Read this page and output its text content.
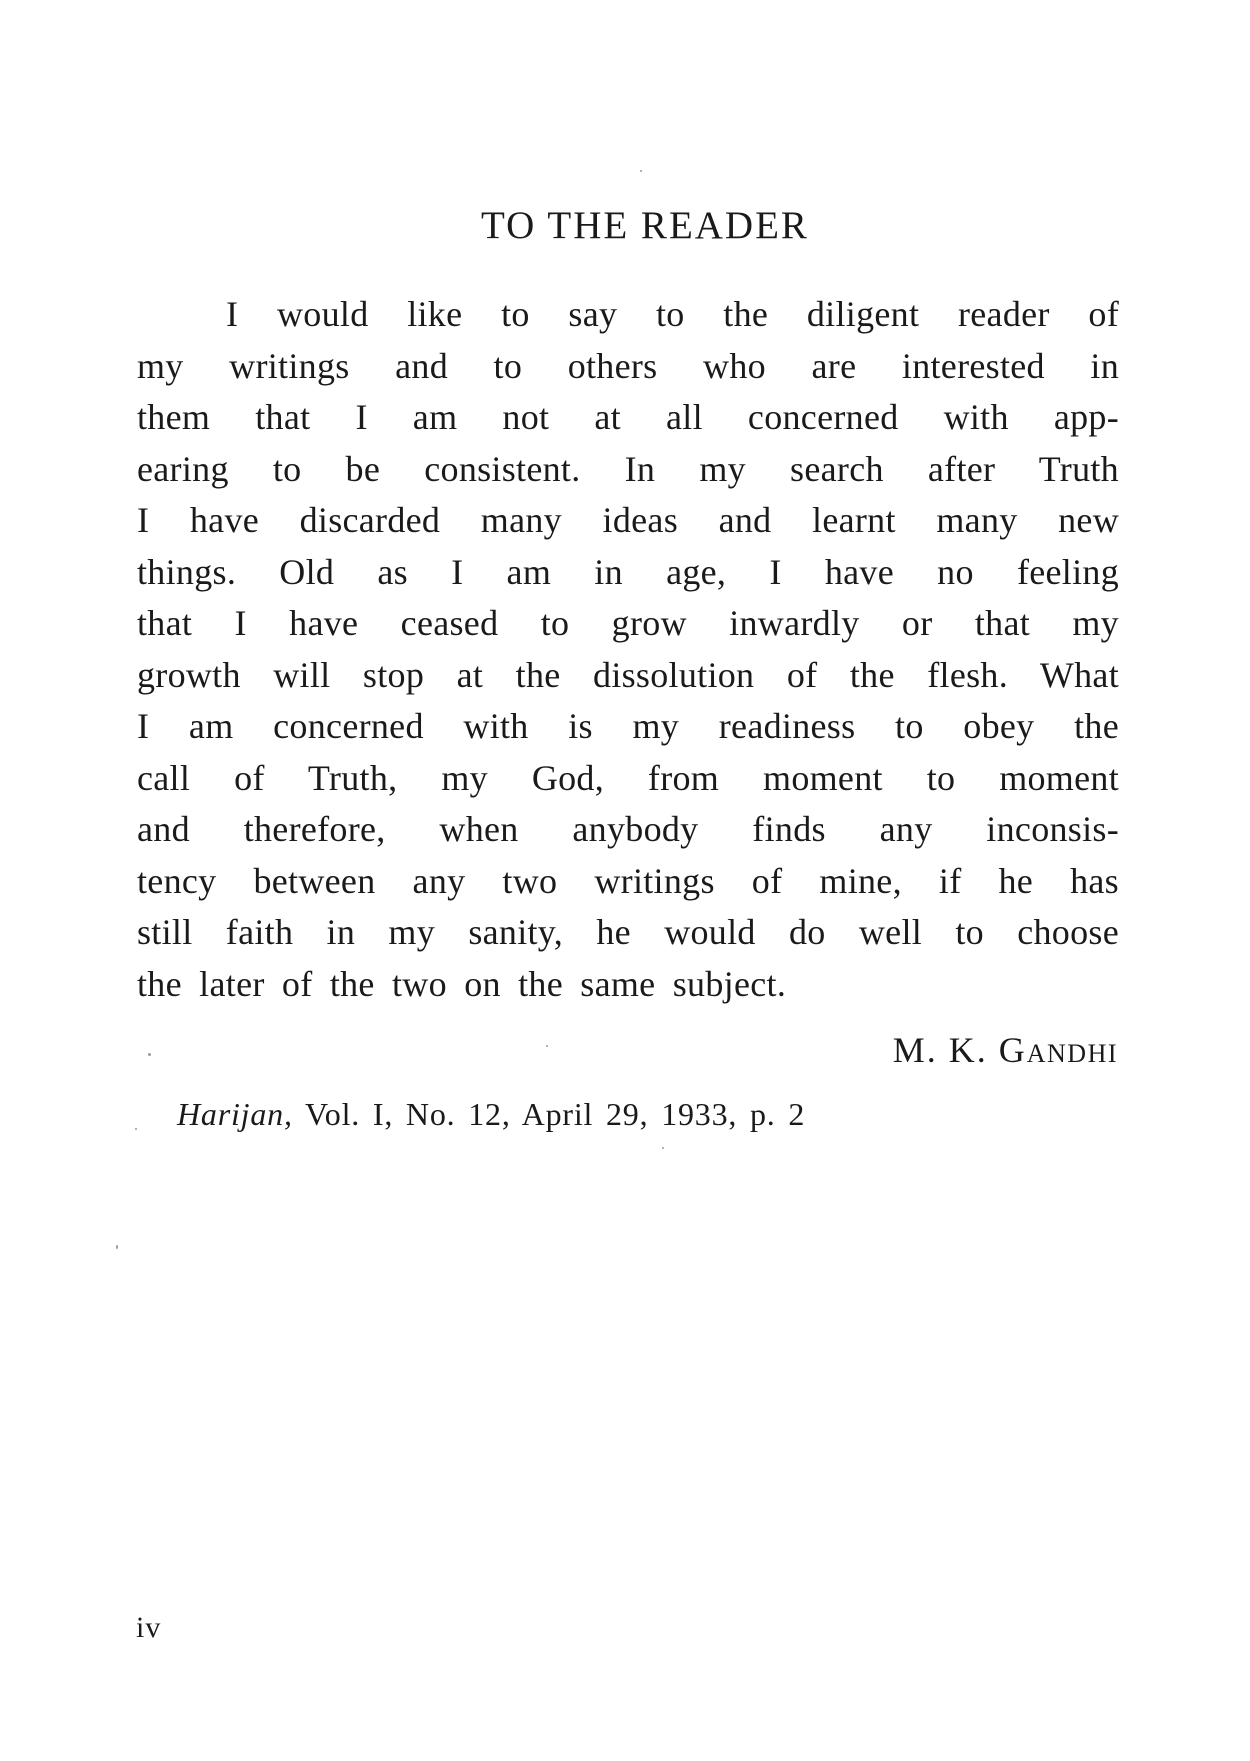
TO THE READER
I would like to say to the diligent reader of
my writings and to others who are interested in
them that I am not at all concerned with app-
earing to be consistent. In my search after Truth
I have discarded many ideas and learnt many new
things. Old as I am in age, I have no feeling
that I have ceased to grow inwardly or that my
growth will stop at the dissolution of the flesh. What
I am concerned with is my readiness to obey the
call of Truth, my God, from moment to moment
and therefore, when anybody finds any inconsis-
tency between any two writings of mine, if he has
still faith in my sanity, he would do well to choose
the later of the two on the same subject.
M. K. GANDHI
Harijan, Vol. I, No. 12, April 29, 1933, p. 2
iv
